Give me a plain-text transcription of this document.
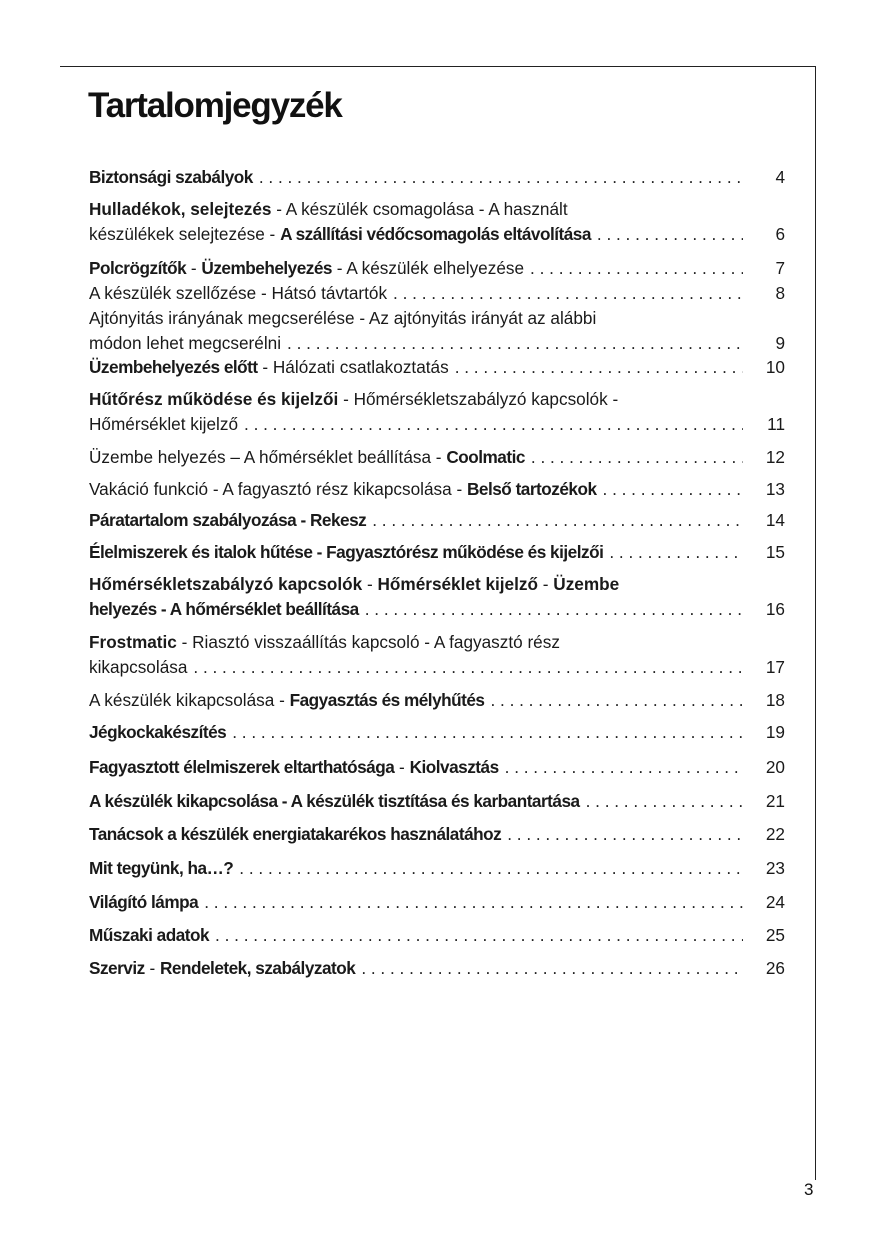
Tartalomjegyzék
Biztonsági szabályok . . .	4
Hulladékok, selejtezés - A készülék csomagolása - A használt
készülékek selejtezése - A szállítási védőcsomagolás eltávolítása . . .	6
Polcrögzítők - Üzembehelyezés - A készülék elhelyezése . . .	7
A készülék szellőzése - Hátsó távtartók . . .	8
Ajtónyitás irányának megcserélése - Az ajtónyitás irányát az alábbi
módon lehet megcserélni . . .	9
Üzembehelyezés előtt - Hálózati csatlakoztatás . . .	10
Hűtőrész működése és kijelzői - Hőmérsékletszabályzó kapcsolók -
Hőmérséklet kijelző . . .	11
Üzembe helyezés – A hőmérséklet beállítása - Coolmatic . . .	12
Vakáció funkció - A fagyasztó rész kikapcsolása - Belső tartozékok . . .	13
Páratartalom szabályozása - Rekesz . . .	14
Élelmiszerek és italok hűtése - Fagyasztórész működése és kijelzői . . .	15
Hőmérsékletszabályzó kapcsolók - Hőmérséklet kijelző - Üzembe
helyezés - A hőmérséklet beállítása . . .	16
Frostmatic - Riasztó visszaállítás kapcsoló - A fagyasztó rész
kikapcsolása . . .	17
A készülék kikapcsolása - Fagyasztás és mélyhűtés . . .	18
Jégkockakészítés . . .	19
Fagyasztott élelmiszerek eltarthatósága - Kiolvasztás . . .	20
A készülék kikapcsolása - A készülék tisztítása és karbantartása . . .	21
Tanácsok a készülék energiatakarékos használatához . . .	22
Mit tegyünk, ha…? . . .	23
Világító lámpa . . .	24
Műszaki adatok . . .	25
Szerviz - Rendeletek, szabályzatok . . .	26
3
